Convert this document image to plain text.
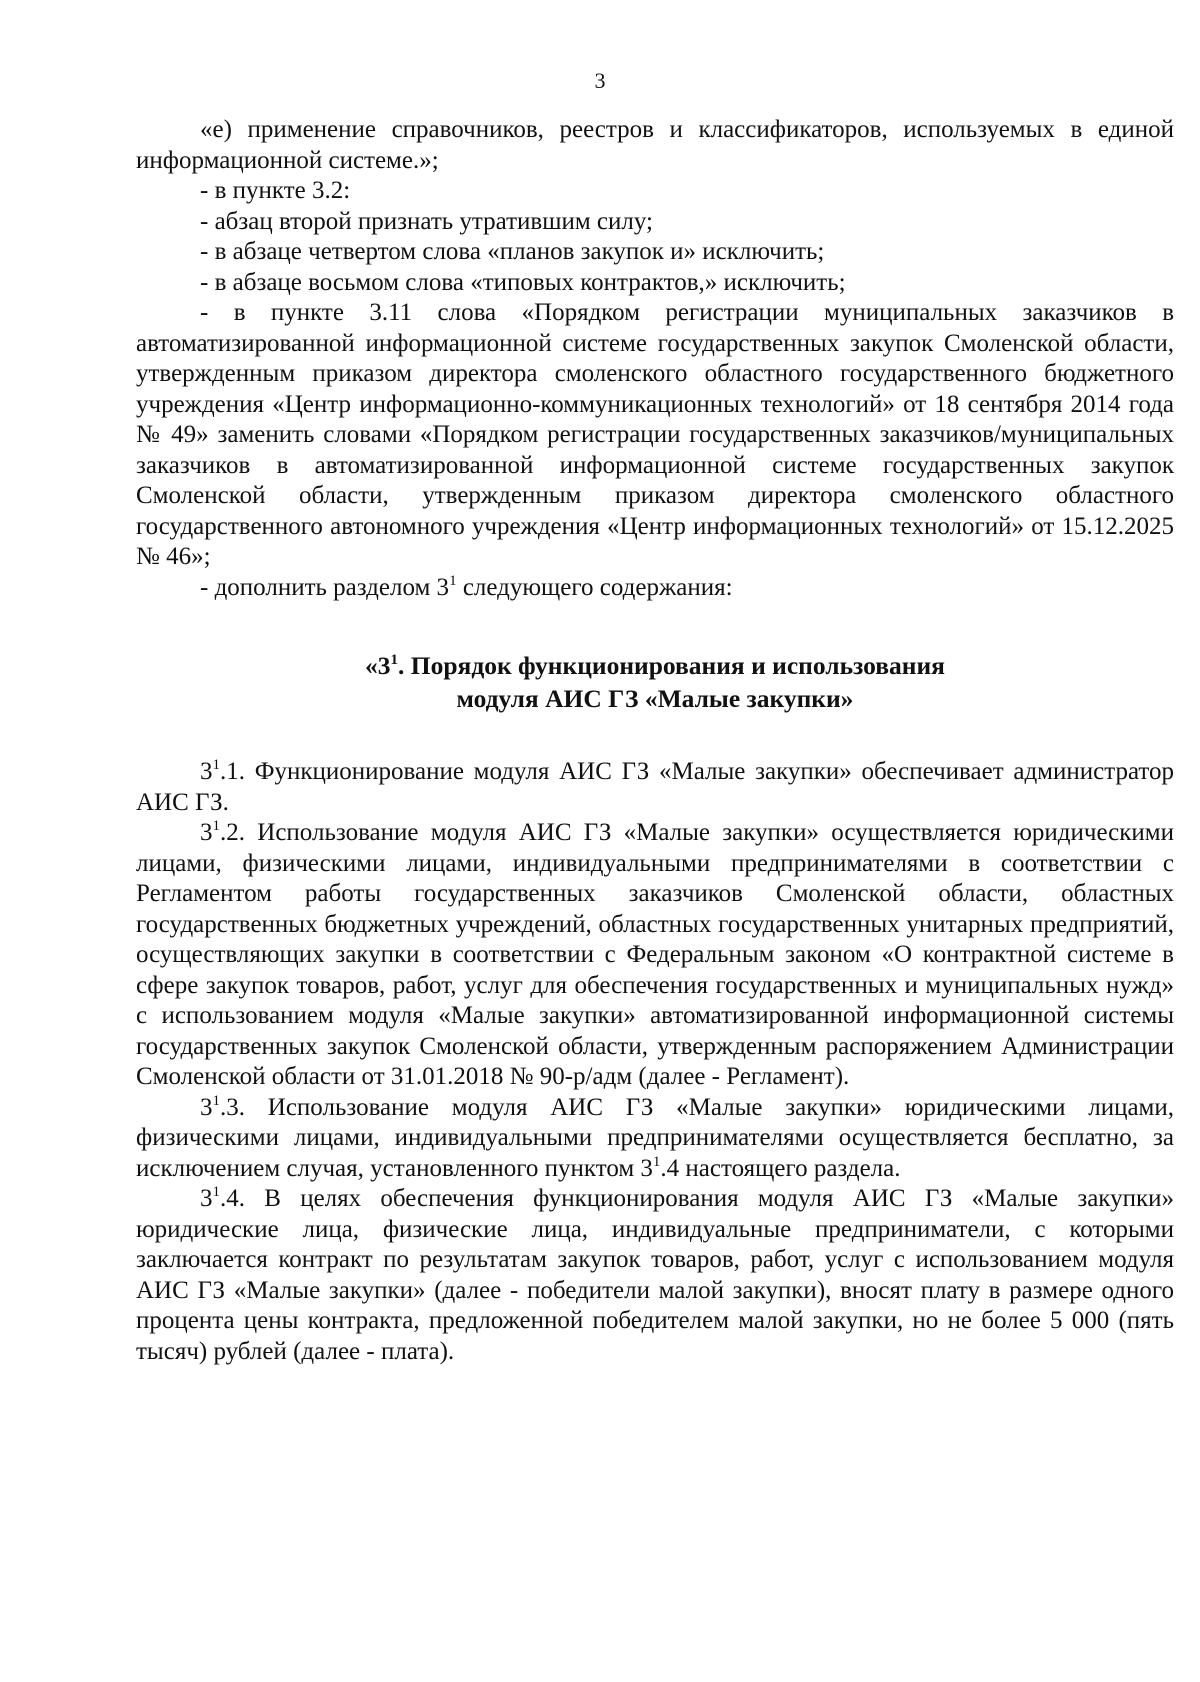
3

«е) применение справочников, реестров и классификаторов, используемых в единой информационной системе.»;

- в пункте 3.2:

- абзац второй признать утратившим силу;

- в абзаце четвертом слова «планов закупок и» исключить;

- в абзаце восьмом слова «типовых контрактов,» исключить;

- в пункте 3.11 слова «Порядком регистрации муниципальных заказчиков в автоматизированной информационной системе государственных закупок Смоленской области, утвержденным приказом директора смоленского областного государственного бюджетного учреждения «Центр информационно-коммуникационных технологий» от 18 сентября 2014 года № 49» заменить словами «Порядком регистрации государственных заказчиков/муниципальных заказчиков в автоматизированной информационной системе государственных закупок Смоленской области, утвержденным приказом директора смоленского областного государственного автономного учреждения «Центр информационных технологий» от 15.12.2025 № 46»;

- дополнить разделом $3^1$ следующего содержания:

«$3^1$. Порядок функционирования и использования

модуля АИС ГЗ «Малые закупки»

$3^1.1$. Функционирование модуля АИС ГЗ «Малые закупки» обеспечивает администратор АИС ГЗ.

$3^1.2$. Использование модуля АИС ГЗ «Малые закупки» осуществляется юридическими лицами, физическими лицами, индивидуальными предпринимателями в соответствии с Регламентом работы государственных заказчиков Смоленской области, областных государственных бюджетных учреждений, областных государственных унитарных предприятий, осуществляющих закупки в соответствии с Федеральным законом «О контрактной системе в сфере закупок товаров, работ, услуг для обеспечения государственных и муниципальных нужд» с использованием модуля «Малые закупки» автоматизированной информационной системы государственных закупок Смоленской области, утвержденным распоряжением Администрации Смоленской области от 31.01.2018 № 90-р/адм (далее - Регламент).

$3^1.3$. Использование модуля АИС ГЗ «Малые закупки» юридическими лицами, физическими лицами, индивидуальными предпринимателями осуществляется бесплатно, за исключением случая, установленного пунктом $3^1.4$ настоящего раздела.

$3^1.4$. В целях обеспечения функционирования модуля АИС ГЗ «Малые закупки» юридические лица, физические лица, индивидуальные предприниматели, с которыми заключается контракт по результатам закупок товаров, работ, услуг с использованием модуля АИС ГЗ «Малые закупки» (далее - победители малой закупки), вносят плату в размере одного процента цены контракта, предложенной победителем малой закупки, но не более 5 000 (пять тысяч) рублей (далее - плата).
